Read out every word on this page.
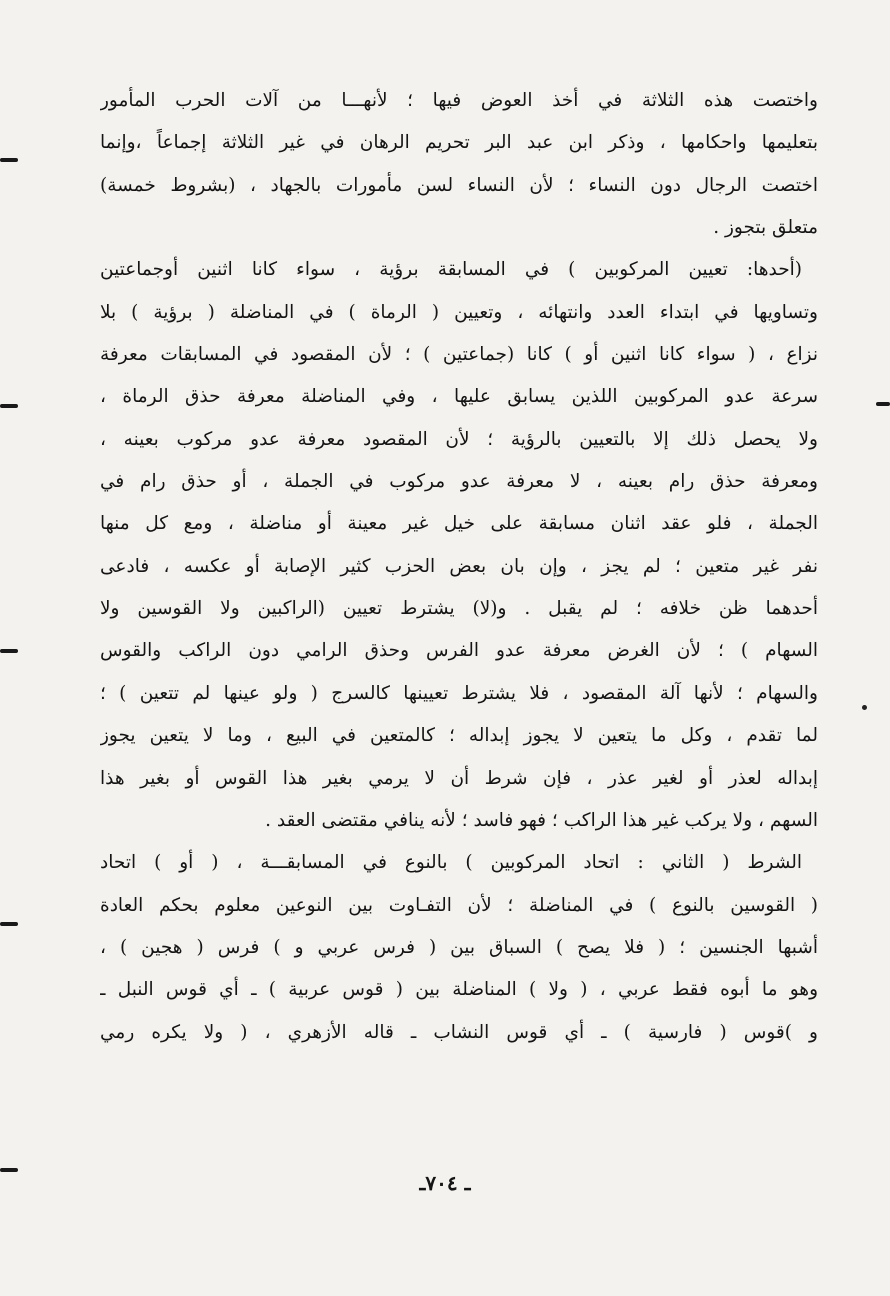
واختصت هذه الثلاثة في أخذ العوض فيها ؛ لأنهـــا من آلات الحرب المأمور
بتعليمها واحكامها ، وذكر ابن عبد البر تحريم الرهان في غير الثلاثة إجماعاً ،وإنما
اختصت الرجال دون النساء ؛ لأن النساء لسن مأمورات بالجهاد ، (بشروط خمسة)
متعلق بتجوز .
(أحدها: تعيين المركوبين ) في المسابقة برؤية ، سواء كانا اثنين أوجماعتين
وتساويها في ابتداء العدد وانتهائه ، وتعيين ( الرماة ) في المناضلة ( برؤية ) بلا
نزاع ، ( سواء كانا اثنين أو ) كانا (جماعتين ) ؛ لأن المقصود في المسابقات معرفة
سرعة عدو المركوبين اللذين يسابق عليها ، وفي المناضلة معرفة حذق الرماة ،
ولا يحصل ذلك إلا بالتعيين بالرؤية ؛ لأن المقصود معرفة عدو مركوب بعينه ،
ومعرفة حذق رام بعينه ، لا معرفة عدو مركوب في الجملة ، أو حذق رام في
الجملة ، فلو عقد اثنان مسابقة على خيل غير معينة أو مناضلة ، ومع كل منها
نفر غير متعين ؛ لم يجز ، وإن بان بعض الحزب كثير الإصابة أو عكسه ، فادعى
أحدهما ظن خلافه ؛ لم يقبل . و(لا) يشترط تعيين (الراكبين ولا القوسين ولا
السهام ) ؛ لأن الغرض معرفة عدو الفرس وحذق الرامي دون الراكب والقوس
والسهام ؛ لأنها آلة المقصود ، فلا يشترط تعيينها كالسرج ( ولو عينها لم تتعين ) ؛
لما تقدم ، وكل ما يتعين لا يجوز إبداله ؛ كالمتعين في البيع ، وما لا يتعين يجوز
إبداله لعذر أو لغير عذر ، فإن شرط أن لا يرمي بغير هذا القوس أو بغير هذا
السهم ، ولا يركب غير هذا الراكب ؛ فهو فاسد ؛ لأنه ينافي مقتضى العقد .
الشرط ( الثاني : اتحاد المركوبين ) بالنوع في المسابقـــة ، ( أو ) اتحاد
( القوسين بالنوع ) في المناضلة ؛ لأن التفـاوت بين النوعين معلوم بحكم العادة
أشبها الجنسين ؛ ( فلا يصح ) السباق بين ( فرس عربي و ) فرس ( هجين ) ،
وهو ما أبوه فقط عربي ، ( ولا ) المناضلة بين ( قوس عربية ) ـ أي قوس النبل ـ
و )قوس ( فارسية ) ـ أي قوس النشاب ـ قاله الأزهري ، ( ولا يكره رمي
ـ ٧٠٤ـ
